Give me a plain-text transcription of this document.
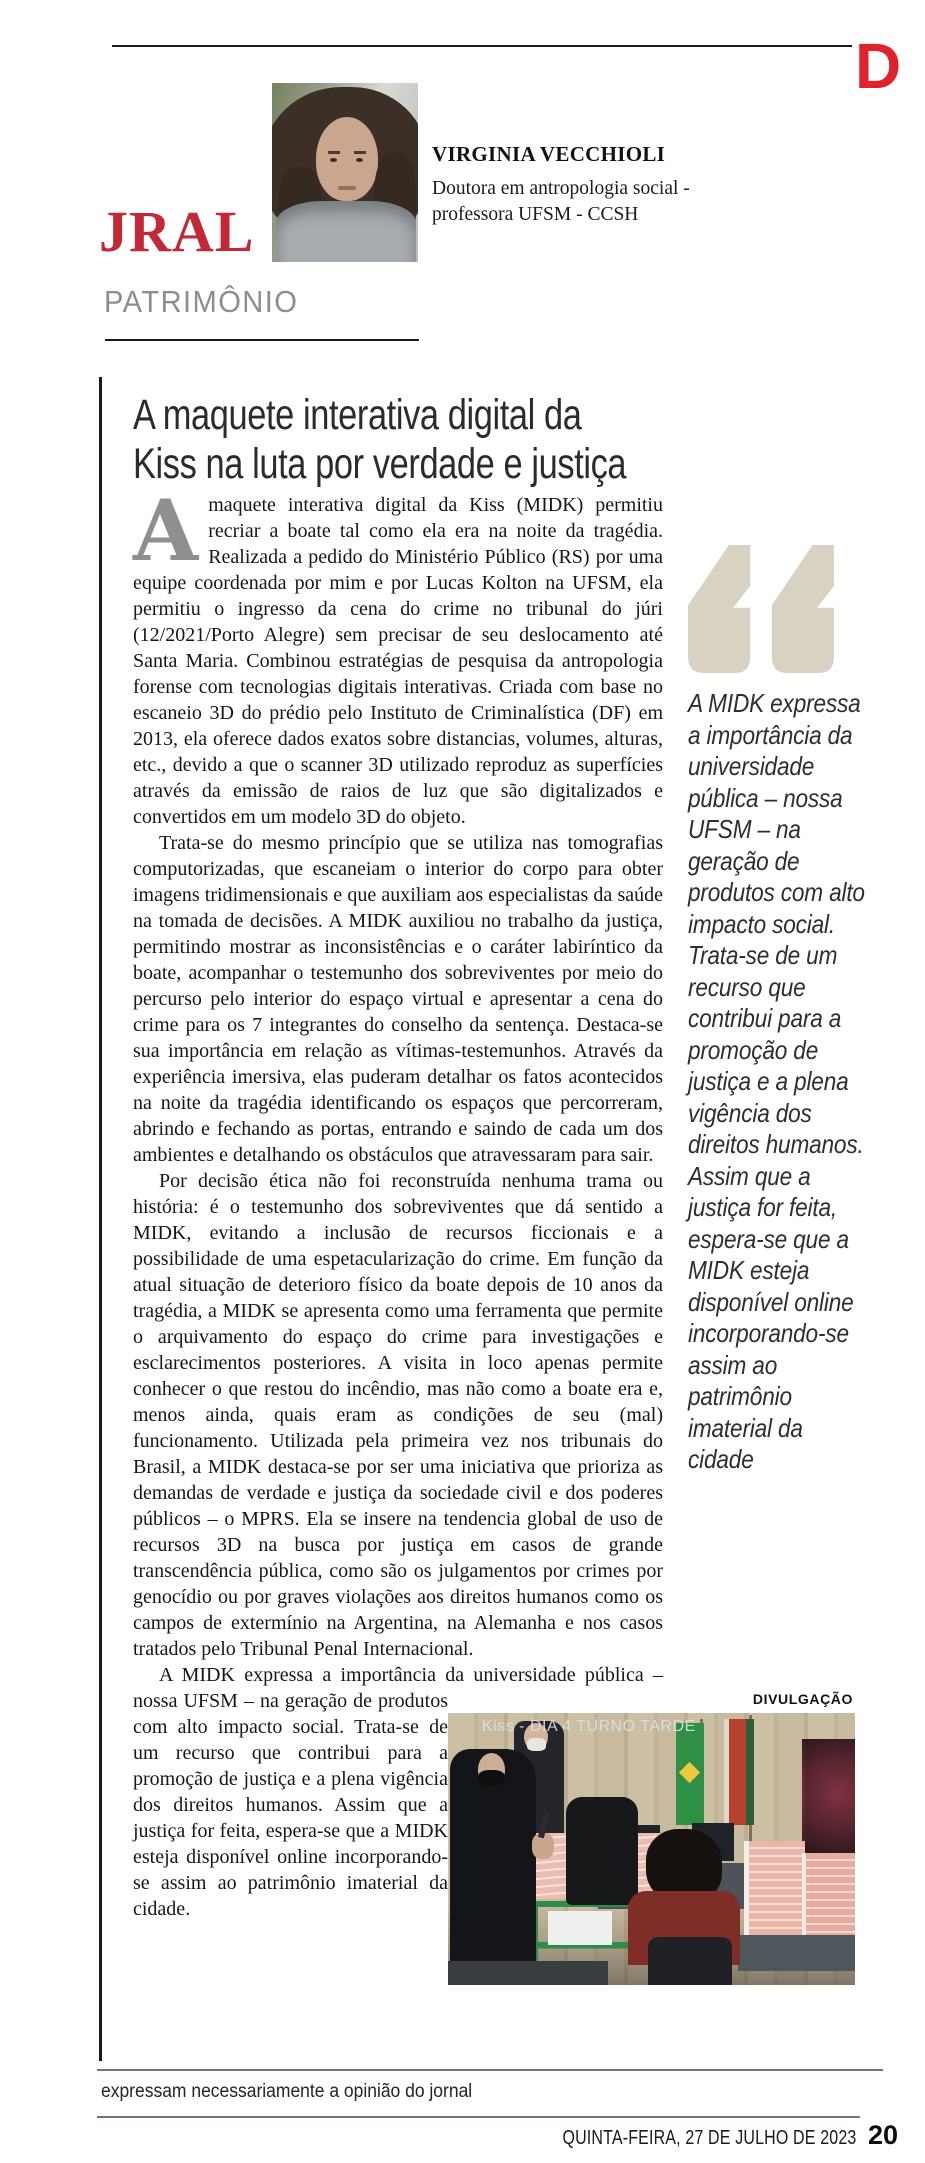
D
VIRGINIA VECCHIOLI
Doutora em antropologia social - professora UFSM - CCSH
JRAL
PATRIMÔNIO
A maquete interativa digital da
Kiss na luta por verdade e justiça

Amaquete interativa digital da Kiss (MIDK) permitiu recriar a boate tal como ela era na noite da tragédia. Realizada a pedido do Ministério Público (RS) por uma equipe coordenada por mim e por Lucas Kolton na UFSM, ela permitiu o ingresso da cena do crime no tribunal do júri (12/2021/Porto Alegre) sem precisar de seu deslocamento até Santa Maria. Combinou estratégias de pesquisa da antropologia forense com tecnologias digitais interativas. Criada com base no escaneio 3D do prédio pelo Instituto de Criminalística (DF) em 2013, ela oferece dados exatos sobre distancias, volumes, alturas, etc., devido a que o scanner 3D utilizado reproduz as superfícies através da emissão de raios de luz que são digitalizados e convertidos em um modelo 3D do objeto.

Trata-se do mesmo princípio que se utiliza nas tomografias computorizadas, que escaneiam o interior do corpo para obter imagens tridimensionais e que auxiliam aos especialistas da saúde na tomada de decisões. A MIDK auxiliou no trabalho da justiça, permitindo mostrar as inconsistências e o caráter labiríntico da boate, acompanhar o testemunho dos sobreviventes por meio do percurso pelo interior do espaço virtual e apresentar a cena do crime para os 7 integrantes do conselho da sentença. Destaca-se sua importância em relação as vítimas-testemunhos. Através da experiência imersiva, elas puderam detalhar os fatos acontecidos na noite da tragédia identificando os espaços que percorreram, abrindo e fechando as portas, entrando e saindo de cada um dos ambientes e detalhando os obstáculos que atravessaram para sair.

Por decisão ética não foi reconstruída nenhuma trama ou história: é o testemunho dos sobreviventes que dá sentido a MIDK, evitando a inclusão de recursos ficcionais e a possibilidade de uma espetacularização do crime. Em função da atual situação de deterioro físico da boate depois de 10 anos da tragédia, a MIDK se apresenta como uma ferramenta que permite o arquivamento do espaço do crime para investigações e esclarecimentos posteriores. A visita in loco apenas permite conhecer o que restou do incêndio, mas não como a boate era e, menos ainda, quais eram as condições de seu (mal) funcionamento. Utilizada pela primeira vez nos tribunais do Brasil, a MIDK destaca-se por ser uma iniciativa que prioriza as demandas de verdade e justiça da sociedade civil e dos poderes públicos – o MPRS. Ela se insere na tendencia global de uso de recursos 3D na busca por justiça em casos de grande transcendência pública, como são os julgamentos por crimes por genocídio ou por graves violações aos direitos humanos como os campos de extermínio na Argentina, na Alemanha e nos casos tratados pelo Tribunal Penal Internacional.

DIVULGAÇÃO
Kiss - DIA 4 TURNO TARDE
A MIDK expressa a importância da universidade pública – nossa UFSM – na geração de produtos com alto impacto social. Trata-se de um recurso que contribui para a promoção de justiça e a plena vigência dos direitos humanos. Assim que a justiça for feita, espera-se que a MIDK esteja disponível online incorporando-se assim ao patrimônio imaterial da cidade.
A MIDK expressa a importância da universidade pública – nossa UFSM – na geração de produtos com alto impacto social. Trata-se de um recurso que contribui para a promoção de justiça e a plena vigência dos direitos humanos. Assim que a justiça for feita, espera-se que a MIDK esteja disponível online incorporando-se assim ao patrimônio imaterial da cidade
expressam necessariamente a opinião do jornal
QUINTA-FEIRA, 27 DE JULHO DE 2023 20
